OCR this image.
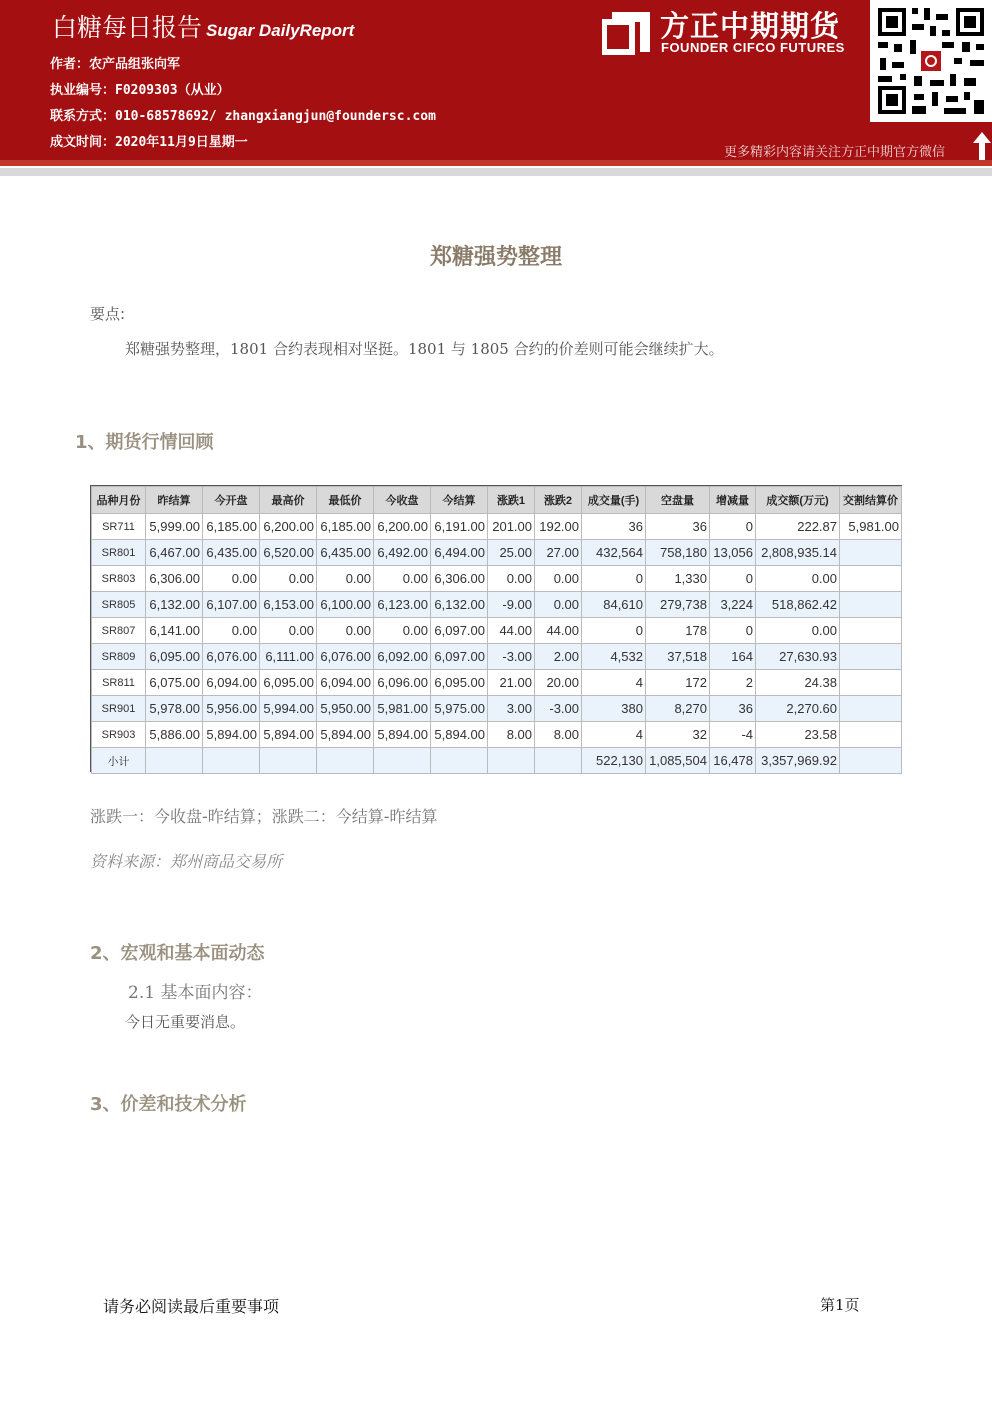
白糖每日报告 Sugar DailyReport
作者：农产品组张向军
执业编号：F0209303（从业）
联系方式：010-68578692/ zhangxiangjun@foundersc.com
成文时间：2020年11月9日星期一
方正中期期货
FOUNDER CIFCO FUTURES
更多精彩内容请关注方正中期官方微信
郑糖强势整理
要点:
郑糖强势整理，1801 合约表现相对坚挺。1801 与 1805 合约的价差则可能会继续扩大。
1、期货行情回顾
品种月份	昨结算	今开盘	最高价	最低价	今收盘	今结算	涨跌1	涨跌2	成交量(手)	空盘量	增减量	成交额(万元)	交割结算价
SR711	5,999.00	6,185.00	6,200.00	6,185.00	6,200.00	6,191.00	201.00	192.00	36	36	0	222.87	5,981.00
SR801	6,467.00	6,435.00	6,520.00	6,435.00	6,492.00	6,494.00	25.00	27.00	432,564	758,180	13,056	2,808,935.14	
SR803	6,306.00	0.00	0.00	0.00	0.00	6,306.00	0.00	0.00	0	1,330	0	0.00	
SR805	6,132.00	6,107.00	6,153.00	6,100.00	6,123.00	6,132.00	-9.00	0.00	84,610	279,738	3,224	518,862.42	
SR807	6,141.00	0.00	0.00	0.00	0.00	6,097.00	44.00	44.00	0	178	0	0.00	
SR809	6,095.00	6,076.00	6,111.00	6,076.00	6,092.00	6,097.00	-3.00	2.00	4,532	37,518	164	27,630.93	
SR811	6,075.00	6,094.00	6,095.00	6,094.00	6,096.00	6,095.00	21.00	20.00	4	172	2	24.38	
SR901	5,978.00	5,956.00	5,994.00	5,950.00	5,981.00	5,975.00	3.00	-3.00	380	8,270	36	2,270.60	
SR903	5,886.00	5,894.00	5,894.00	5,894.00	5,894.00	5,894.00	8.00	8.00	4	32	-4	23.58	
小计									522,130	1,085,504	16,478	3,357,969.92	
涨跌一：今收盘-昨结算；涨跌二：今结算-昨结算
资料来源：郑州商品交易所
2、宏观和基本面动态
2.1 基本面内容：
今日无重要消息。
3、价差和技术分析
请务必阅读最后重要事项	第1页
